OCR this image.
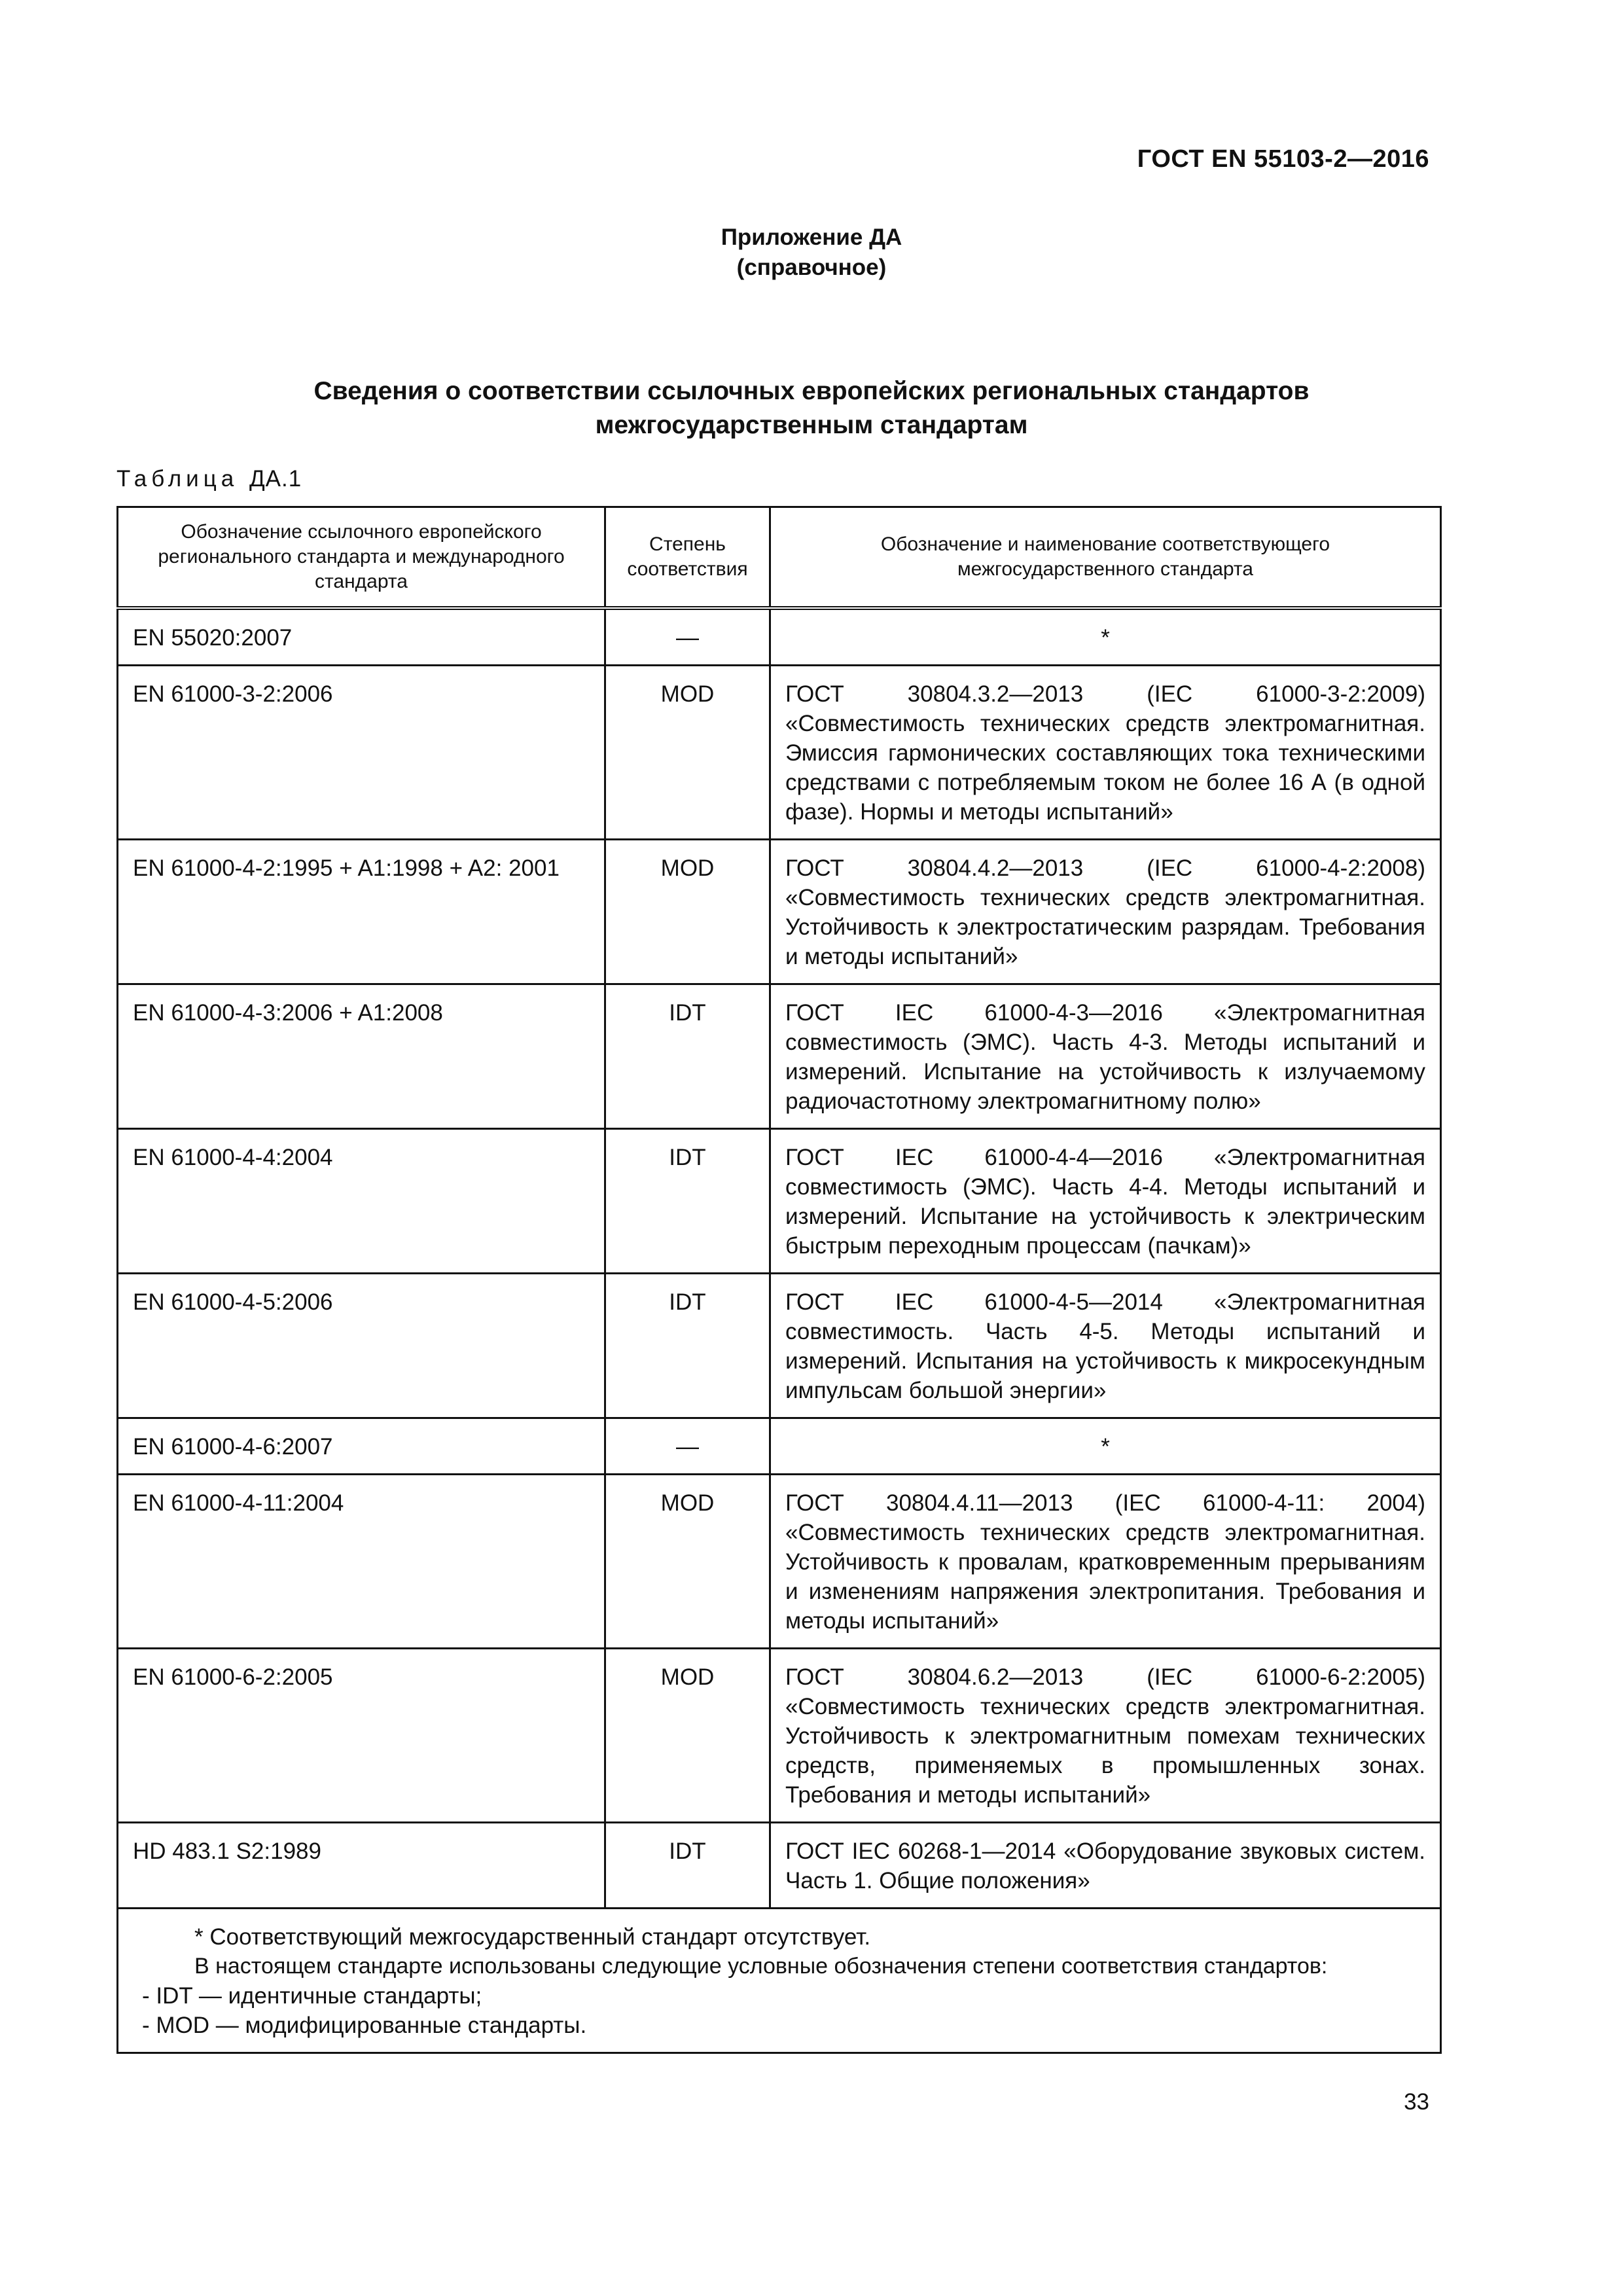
ГОСТ EN 55103-2—2016
Приложение ДА
(справочное)
Сведения о соответствии ссылочных европейских региональных стандартов
межгосударственным стандартам
Таблица ДА.1
Обозначение ссылочного европейского регионального стандарта и международного стандарта	Степень соответствия	Обозначение и наименование соответствующего межгосударственного стандарта
EN 55020:2007	—	*
EN 61000-3-2:2006	MOD	ГОСТ 30804.3.2—2013 (IEC 61000-3-2:2009) «Совместимость технических средств электромагнитная. Эмиссия гармонических составляющих тока техническими средствами с потребляемым током не более 16 А (в одной фазе). Нормы и методы испытаний»
EN 61000-4-2:1995 + A1:1998 + A2: 2001	MOD	ГОСТ 30804.4.2—2013 (IEC 61000-4-2:2008) «Совместимость технических средств электромагнитная. Устойчивость к электростатическим разрядам. Требования и методы испытаний»
EN 61000-4-3:2006 + A1:2008	IDT	ГОСТ IEC 61000-4-3—2016 «Электромагнитная совместимость (ЭМС). Часть 4-3. Методы испытаний и измерений. Испытание на устойчивость к излучаемому радиочастотному электромагнитному полю»
EN 61000-4-4:2004	IDT	ГОСТ IEC 61000-4-4—2016 «Электромагнитная совместимость (ЭМС). Часть 4-4. Методы испытаний и измерений. Испытание на устойчивость к электрическим быстрым переходным процессам (пачкам)»
EN 61000-4-5:2006	IDT	ГОСТ IEC 61000-4-5—2014 «Электромагнитная совместимость. Часть 4-5. Методы испытаний и измерений. Испытания на устойчивость к микросекундным импульсам большой энергии»
EN 61000-4-6:2007	—	*
EN 61000-4-11:2004	MOD	ГОСТ 30804.4.11—2013 (IEC 61000-4-11: 2004) «Совместимость технических средств электромагнитная. Устойчивость к провалам, кратковременным прерываниям и изменениям напряжения электропитания. Требования и методы испытаний»
EN 61000-6-2:2005	MOD	ГОСТ 30804.6.2—2013 (IEC 61000-6-2:2005) «Совместимость технических средств электромагнитная. Устойчивость к электромагнитным помехам технических средств, применяемых в промышленных зонах. Требования и методы испытаний»
HD 483.1 S2:1989	IDT	ГОСТ IEC 60268-1—2014 «Оборудование звуковых систем. Часть 1. Общие положения»

* Соответствующий межгосударственный стандарт отсутствует.
В настоящем стандарте использованы следующие условные обозначения степени соответствия стандартов:
- IDT — идентичные стандарты;
- MOD — модифицированные стандарты.		
33
